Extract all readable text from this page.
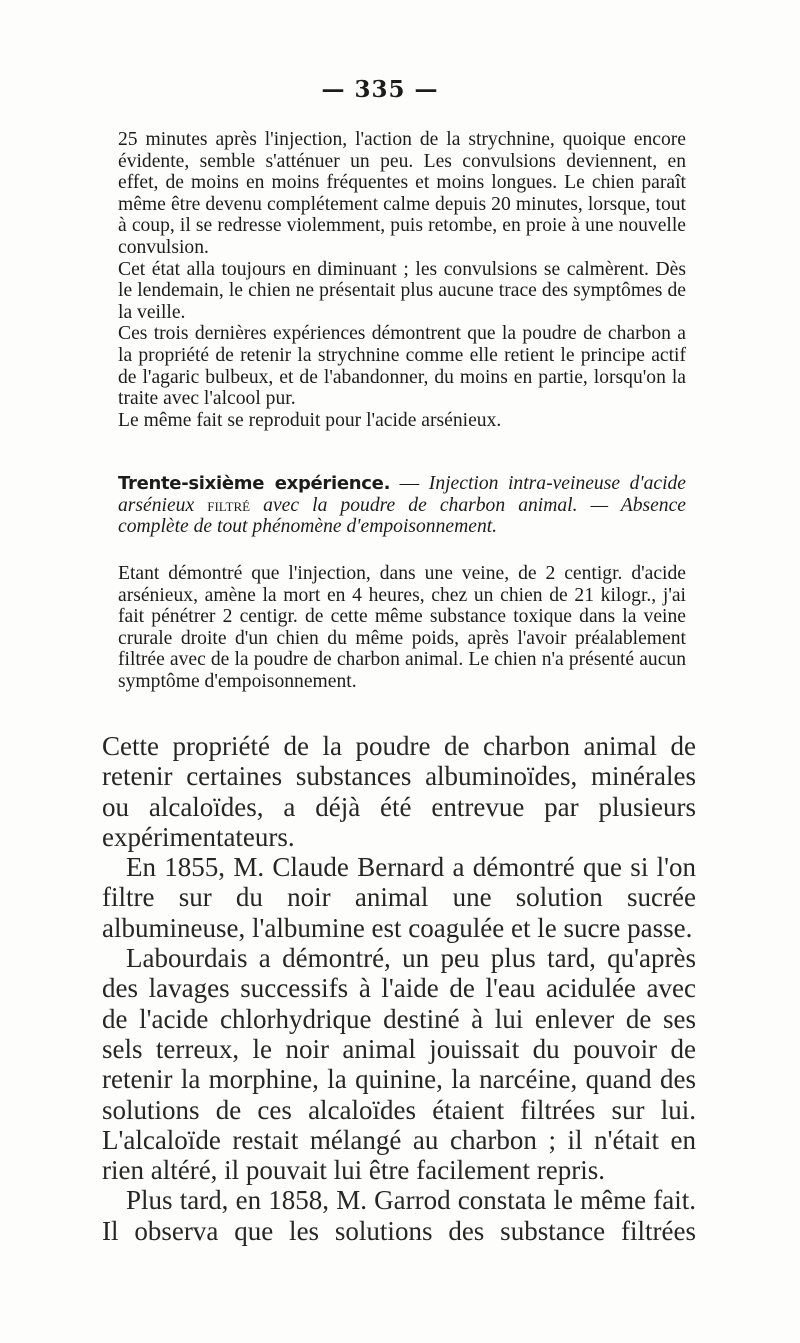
— 335 —

25 minutes après l'injection, l'action de la strychnine, quoique encore évidente, semble s'atténuer un peu. Les convulsions deviennent, en effet, de moins en moins fréquentes et moins longues. Le chien paraît même être devenu complétement calme depuis 20 minutes, lorsque, tout à coup, il se redresse violemment, puis retombe, en proie à une nouvelle convulsion.

Cet état alla toujours en diminuant ; les convulsions se calmèrent. Dès le lendemain, le chien ne présentait plus aucune trace des symptômes de la veille.

Ces trois dernières expériences démontrent que la poudre de charbon a la propriété de retenir la strychnine comme elle retient le principe actif de l'agaric bulbeux, et de l'abandonner, du moins en partie, lorsqu'on la traite avec l'alcool pur.

Le même fait se reproduit pour l'acide arsénieux.

Trente-sixième expérience. — Injection intra-veineuse d'acide arsénieux filtré avec la poudre de charbon animal. — Absence complète de tout phénomène d'empoisonnement.

Etant démontré que l'injection, dans une veine, de 2 centigr. d'acide arsénieux, amène la mort en 4 heures, chez un chien de 21 kilogr., j'ai fait pénétrer 2 centigr. de cette même substance toxique dans la veine crurale droite d'un chien du même poids, après l'avoir préalablement filtrée avec de la poudre de charbon animal. Le chien n'a présenté aucun symptôme d'empoisonnement.

Cette propriété de la poudre de charbon animal de retenir certaines substances albuminoïdes, minérales ou alcaloïdes, a déjà été entrevue par plusieurs expérimentateurs.

En 1855, M. Claude Bernard a démontré que si l'on filtre sur du noir animal une solution sucrée albumineuse, l'albumine est coagulée et le sucre passe.

Labourdais a démontré, un peu plus tard, qu'après des lavages successifs à l'aide de l'eau acidulée avec de l'acide chlorhydrique destiné à lui enlever de ses sels terreux, le noir animal jouissait du pouvoir de retenir la morphine, la quinine, la narcéine, quand des solutions de ces alcaloïdes étaient filtrées sur lui. L'alcaloïde restait mélangé au charbon ; il n'était en rien altéré, il pouvait lui être facilement repris.

Plus tard, en 1858, M. Garrod constata le même fait. Il observa que les solutions des substance filtrées
